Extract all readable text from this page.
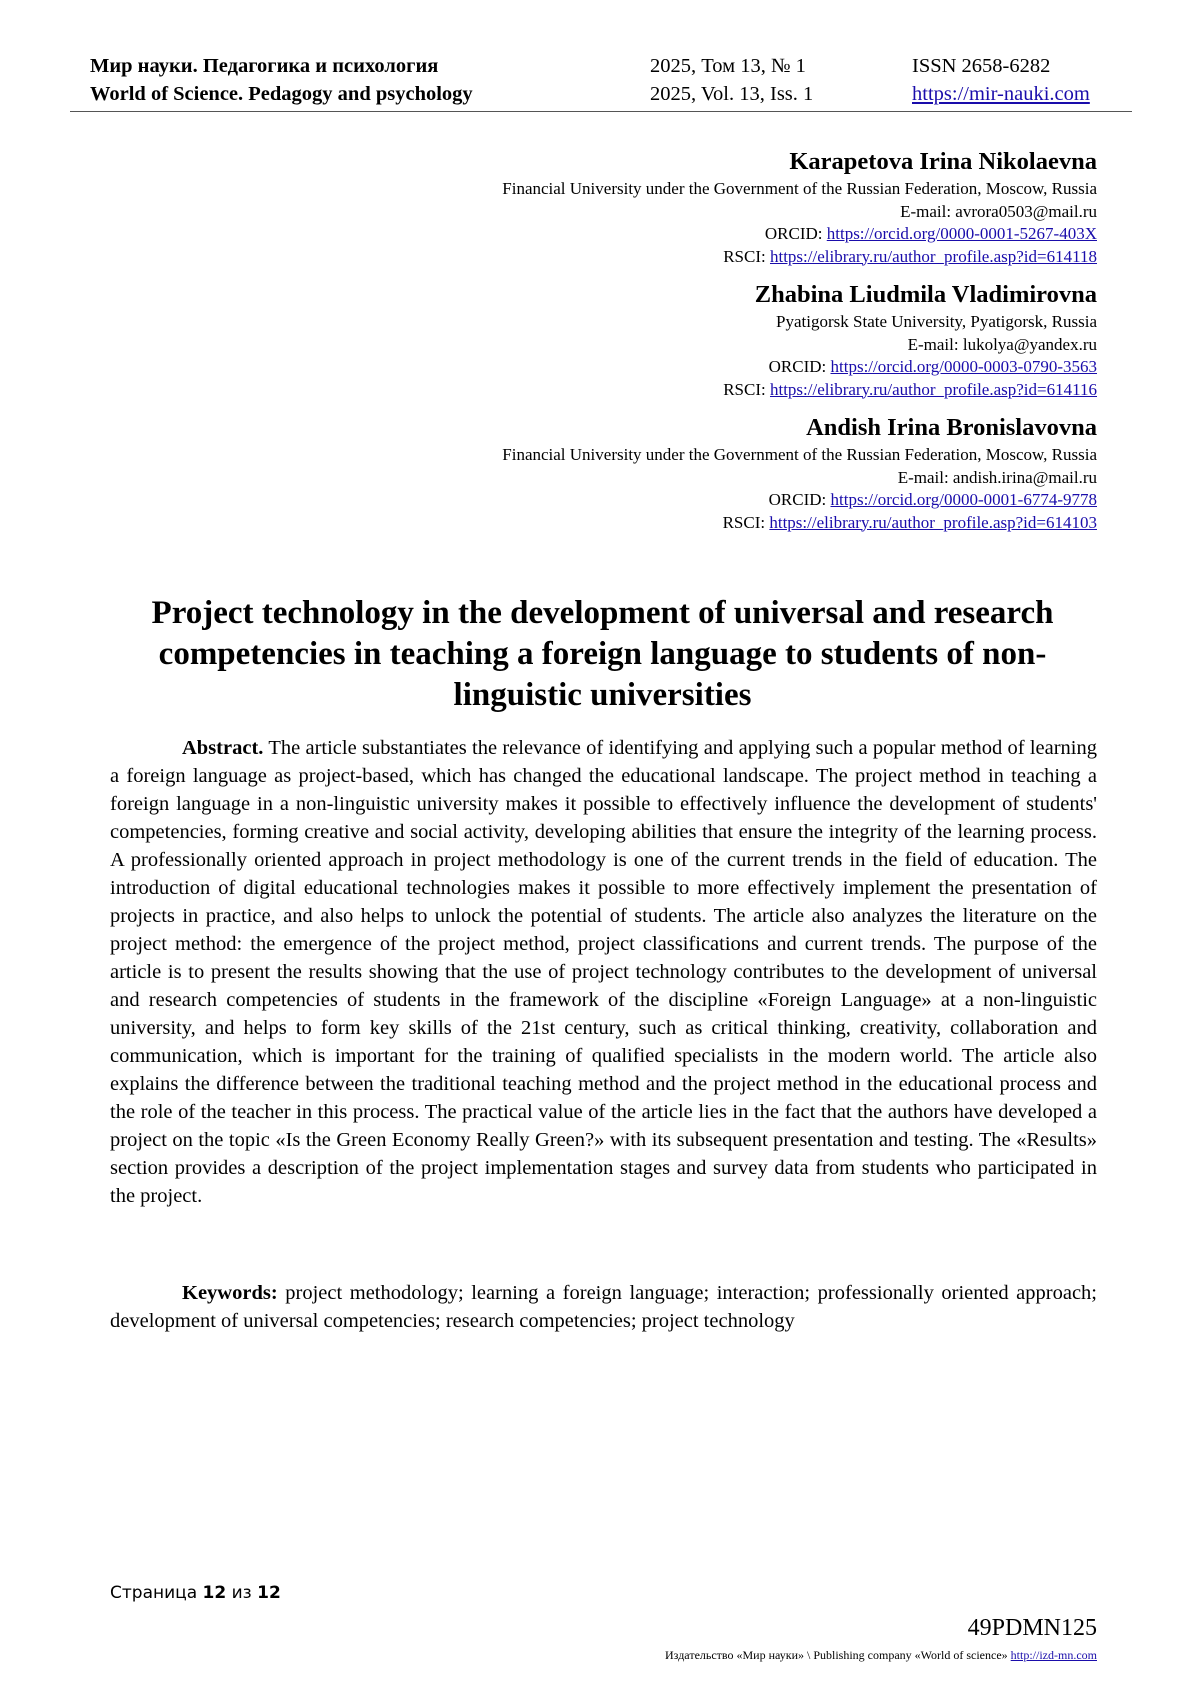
Мир науки. Педагогика и психология	2025, Том 13, № 1	ISSN 2658-6282
World of Science. Pedagogy and psychology	2025, Vol. 13, Iss. 1	https://mir-nauki.com

Karapetova Irina Nikolaevna

Financial University under the Government of the Russian Federation, Moscow, Russia

E-mail: avrora0503@mail.ru

ORCID: https://orcid.org/0000-0001-5267-403X

RSCI: https://elibrary.ru/author_profile.asp?id=614118

Zhabina Liudmila Vladimirovna

Pyatigorsk State University, Pyatigorsk, Russia

E-mail: lukolya@yandex.ru

ORCID: https://orcid.org/0000-0003-0790-3563

RSCI: https://elibrary.ru/author_profile.asp?id=614116

Andish Irina Bronislavovna

Financial University under the Government of the Russian Federation, Moscow, Russia

E-mail: andish.irina@mail.ru

ORCID: https://orcid.org/0000-0001-6774-9778

RSCI: https://elibrary.ru/author_profile.asp?id=614103

Project technology in the development of universal and research competencies in teaching a foreign language to students of non-linguistic universities

Abstract. The article substantiates the relevance of identifying and applying such a popular method of learning a foreign language as project-based, which has changed the educational landscape. The project method in teaching a foreign language in a non-linguistic university makes it possible to effectively influence the development of students' competencies, forming creative and social activity, developing abilities that ensure the integrity of the learning process. A professionally oriented approach in project methodology is one of the current trends in the field of education. The introduction of digital educational technologies makes it possible to more effectively implement the presentation of projects in practice, and also helps to unlock the potential of students. The article also analyzes the literature on the project method: the emergence of the project method, project classifications and current trends. The purpose of the article is to present the results showing that the use of project technology contributes to the development of universal and research competencies of students in the framework of the discipline «Foreign Language» at a non-linguistic university, and helps to form key skills of the 21st century, such as critical thinking, creativity, collaboration and communication, which is important for the training of qualified specialists in the modern world. The article also explains the difference between the traditional teaching method and the project method in the educational process and the role of the teacher in this process. The practical value of the article lies in the fact that the authors have developed a project on the topic «Is the Green Economy Really Green?» with its subsequent presentation and testing. The «Results» section provides a description of the project implementation stages and survey data from students who participated in the project.

Keywords: project methodology; learning a foreign language; interaction; professionally oriented approach; development of universal competencies; research competencies; project technology

Страница 12 из 12
49PDMN125
Издательство «Мир науки» \ Publishing company «World of science» http://izd-mn.com
